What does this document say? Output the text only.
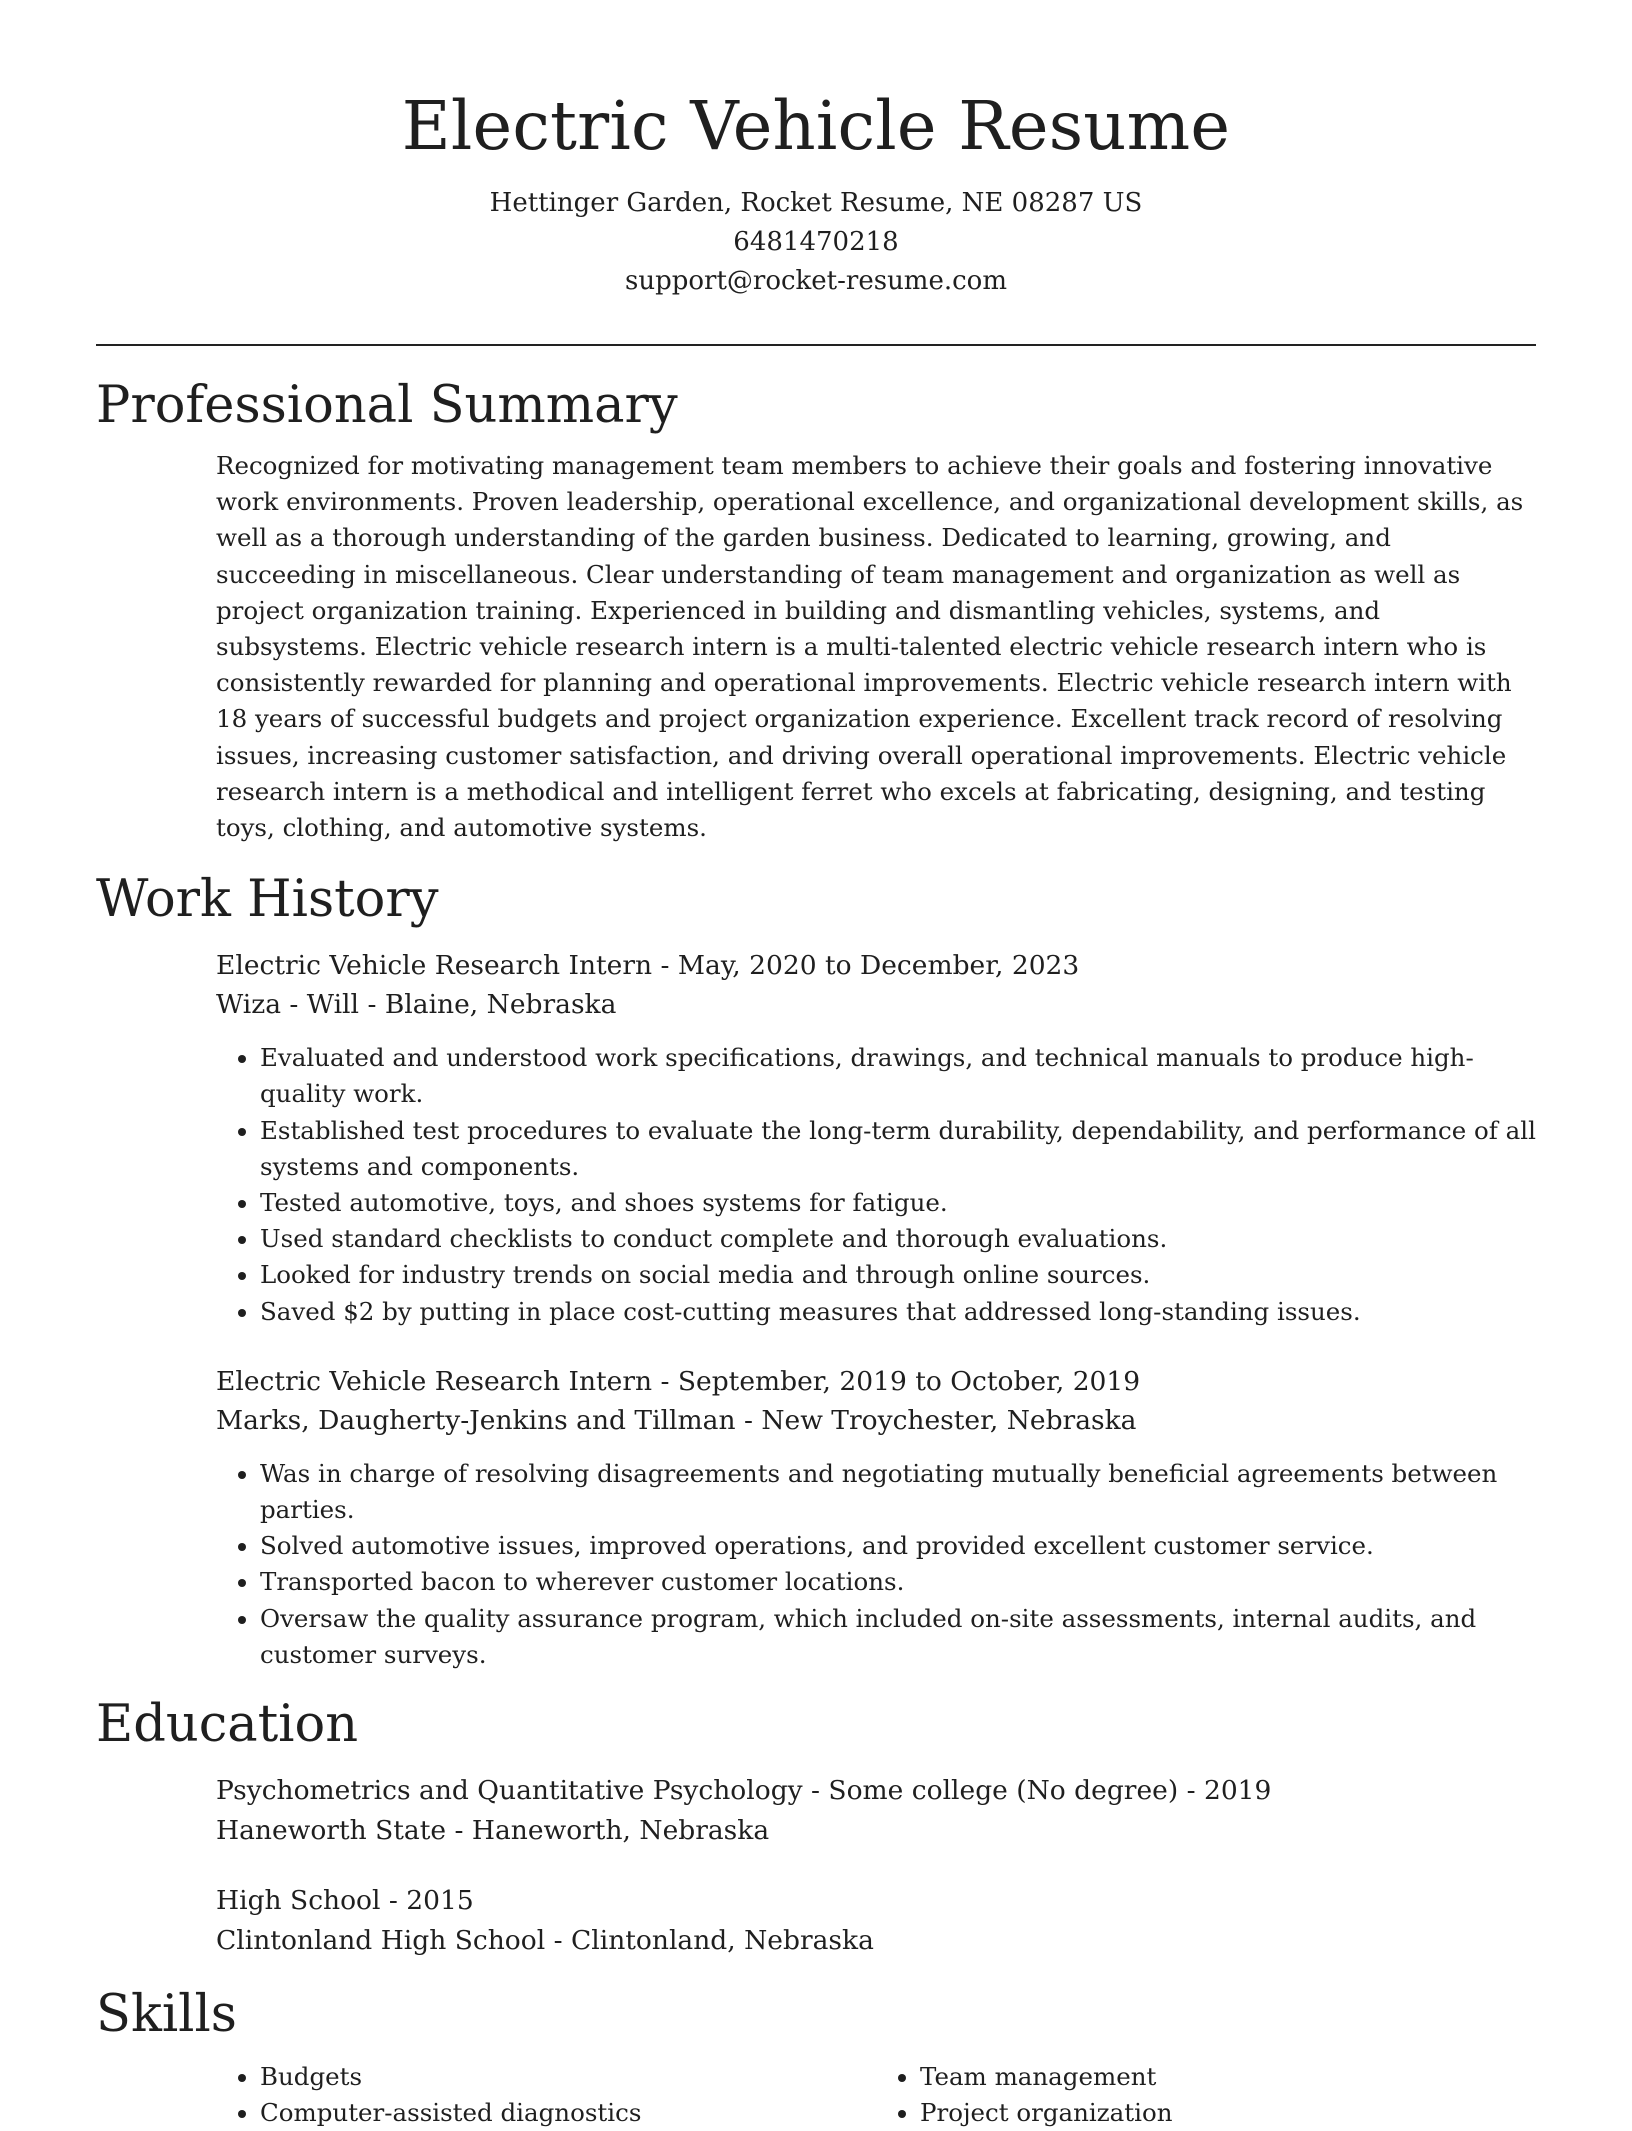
Electric Vehicle Resume
Hettinger Garden, Rocket Resume, NE 08287 US
6481470218
support@rocket-resume.com
Professional Summary

Recognized for motivating management team members to achieve their goals and fostering innovative work environments. Proven leadership, operational excellence, and organizational development skills, as well as a thorough understanding of the garden business. Dedicated to learning, growing, and succeeding in miscellaneous. Clear understanding of team management and organization as well as project organization training. Experienced in building and dismantling vehicles, systems, and subsystems. Electric vehicle research intern is a multi-talented electric vehicle research intern who is consistently rewarded for planning and operational improvements. Electric vehicle research intern with 18 years of successful budgets and project organization experience. Excellent track record of resolving issues, increasing customer satisfaction, and driving overall operational improvements. Electric vehicle research intern is a methodical and intelligent ferret who excels at fabricating, designing, and testing toys, clothing, and automotive systems.

Work History
Electric Vehicle Research Intern - May, 2020 to December, 2023
Wiza - Will - Blaine, Nebraska
• Evaluated and understood work specifications, drawings, and technical manuals to produce high-quality work.
• Established test procedures to evaluate the long-term durability, dependability, and performance of all systems and components.
• Tested automotive, toys, and shoes systems for fatigue.
• Used standard checklists to conduct complete and thorough evaluations.
• Looked for industry trends on social media and through online sources.
• Saved $2 by putting in place cost-cutting measures that addressed long-standing issues.
Electric Vehicle Research Intern - September, 2019 to October, 2019
Marks, Daugherty-Jenkins and Tillman - New Troychester, Nebraska
• Was in charge of resolving disagreements and negotiating mutually beneficial agreements between parties.
• Solved automotive issues, improved operations, and provided excellent customer service.
• Transported bacon to wherever customer locations.
• Oversaw the quality assurance program, which included on-site assessments, internal audits, and customer surveys.
Education
Psychometrics and Quantitative Psychology - Some college (No degree) - 2019
Haneworth State - Haneworth, Nebraska
High School - 2015
Clintonland High School - Clintonland, Nebraska
Skills
• Budgets
• Computer-assisted diagnostics
• Team management
• Project organization
